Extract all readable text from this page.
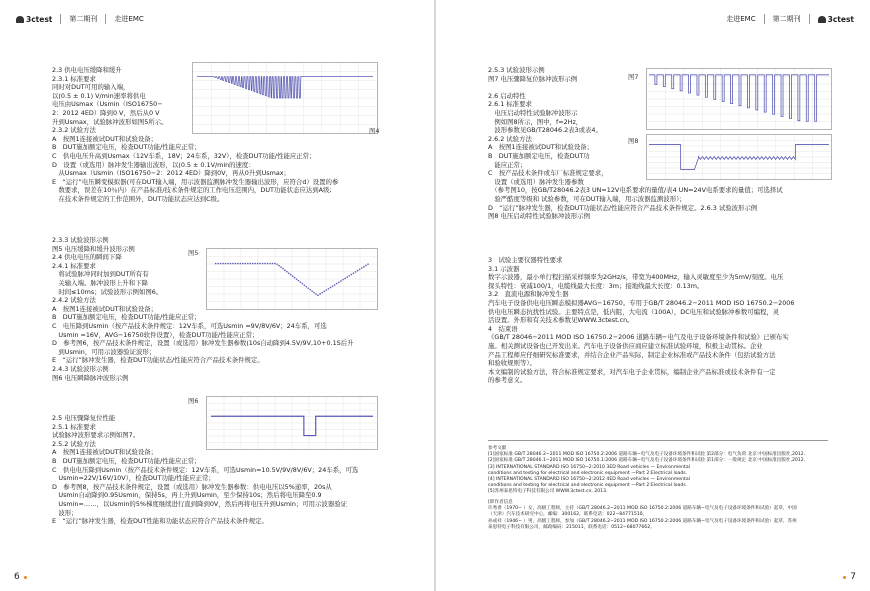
3ctest 第二期刊 走进EMC
2.3 供电电压缓降和缓升
2.3.1 标准要求
同时对DUT可用的输入端，
以(0.5 ± 0.1) V/min速率将供电
电压由Usmax（Usmin（ISO16750−
2：2012 4ED）降到0 V，然后从0 V
升到Usmax，试验脉冲波形如图5所示。
2.3.2 试验方法
A　按图1连接被试DUT和试验设备；
B　DUT施加额定电压，检查DUT功能/性能应正常；
C　供电电压升高到Usmax（12V车系，18V；24车系，32V），检查DUT功能/性能应正常；
D　设置（或选用）脉冲发生器输出波形，以(0.5 ± 0.1V/min的速度：
　从Usmax（Usmin（ISO16750−2：2012 4ED）降到0V，再从0升到Usmax；
E　“运行”电压瞬变模拟器(可在DUT输入端，用示波器监测脉冲发生器输出波形，应符合d）设置的参
　数要求，误差在10％内）在产品标准/技术条件规定的工作电压范围内，DUT功能状态应达到A级;
　在技术条件规定的工作范围外，DUT功能状态应达到C级。
图4
2.3.3 试验波形示例
图5 电压缓降和缓升波形示例
2.4 供电电压的瞬间下降
2.4.1 标准要求
　将试验脉冲同时加到DUT所有有
　关输入端。脉冲波形上升和下降
　时间≤10ms；试验波形示例如图6。
2.4.2 试验方法
A　按图1连接被试DUT和试验设备；
B　DUT施加额定电压，检查DUT功能/性能应正常；
C　电压降到Usmin（按产品技术条件规定：12V车系，可选Usmin =9V/8V/6V；24车系，可选
　Usmin =16V，AVG−16750软件设置），检查DUT功能/性能应正常；
D　参考图6，按产品技术条件规定，设置（或选用）脉冲发生器参数(10s自动降到4.5V/9V,10+0.1S后升
　到Usmin，可用示波器验证波形；
E　“运行”脉冲发生器，检查DUT功能状态/性能应符合产品技术条件规定。
2.4.3 试验波形示例
图6 电压瞬降脉冲波形示例
图5
图6
2.5 电压骤降复位性能
2.5.1 标准要求
试验脉冲波形要求示例如图7。
2.5.2 试验方法
A　按图1连接被试DUT和试验设备；
B　DUT施加额定电压，检查DUT功能/性能应正常；
C　供电电压降到Usmin（按产品技术条件规定：12V车系，可选Usmin=10.5V/9V/8V/6V；24车系，可选
　Usmin=22V/16V/10V），检查DUT功能/性能应正常；
D　参考图8，按产品技术条件规定，设置（或选用）脉冲发生器参数：供电电压以5%递率，20s从
　Usmin自动降到0.95Usmin，保持5s，再上升到Usmin，至少保持10s；然后将电压降至0.9
　Usmin=……，以Usmin的5%梯度继续进行直到降到0V，然后再将电压升到Usmin；可用示波器验证
　波形；
E　“运行”脉冲发生器，检查DUT性能和功能状态应符合产品技术条件规定。
6
走进EMC 第二期刊	3ctest
2.5.3 试验波形示例
图7 电压骤降复位脉冲波形示例

2.6 启动特性
2.6.1 标准要求
　电压启动特性试验脉冲波形示
　例如图8所示，图中，f=2Hz，
　波形参数见GB/T28046.2表3或表4。
2.6.2 试验方法
A　按图1连接被试DUT和试验设备；
B　DUT施加额定电压，检查DUT功
　能应正常；
C　按产品技术条件或车厂标准规定要求，
　设置（或选用）脉冲发生器参数
　（参考图10，按GB/T28046.2表3 UN=12V电系要求的量值/表4 UN=24V电系要求的量值；可选择试
　验严酷度等级和 试验参数，可在DUT输入端，用示波器监测波形）；
D　“运行”脉冲发生器，检查DUT功能状态/性能应符合产品技术条件规定。2.6.3 试验波形示例
图8 电压启动特性试验脉冲波形示例
图7
图8
3　试验主要仪器特性要求
3.1 示波器
数字示波器，最小单行程扫描采样频率为2GHz/s，带宽为400MHz，输入灵敏度至少为5mV/刻度。电压
探头特性：衰减100/1，电缆线最大长度：3m；接地线最大长度：0.13m。
3.2　直流电源和脉冲发生器
汽车电子设备供电电压瞬态模拟器AVG−16750。专用于GB/T 28046.2−2011 MOD ISO 16750.2−2006
供电电压瞬态抗扰性试验。主要特点是，低内阻，大电流（100A），DC电压和试验脉冲参数可编程，灵
活设置。外形和有关技术参数见WWW.3ctest.cn。
4　结束语
《GB/T 28046−2011 MOD ISO 16750.2−2006 道路车辆−电气及电子设备环境条件和试验》已颁布实
施。相关测试设备也已开发出来。汽车电子设备供应商应建立标准试验环境，积极主动贯标。企业
产品工程师应仔细研究标准要求，并结合企业产品实际，制定企业标准或产品技术条件（包括试验方法
和验收规则等）。
本文编制的试验方法，符合标准规定要求，对汽车电子企业贯标，编制企业产品标准或技术条件有一定
的参考意义。
参考文献
[1]国家标准 GB/T 28046.2−2011 MOD ISO 16750.2:2006 道路车辆−电气及电子设备环境条件和试验 第2部分：电气负荷 北京:中国标准出版社,2012.
[2]国家标准 GB/T 28046.1−2011 MOD ISO 16750.1:2006 道路车辆−电气及电子设备环境条件和试验 第1部分：一般规定 北京:中国标准出版社,2012.
[3] INTERNATIONAL STANDARD ISO 16750−2:2010 3ED Road vehicles — Environmental
conditions and testing for electrical and electronic equipment —Part 2:Electrical loads.
[4] INTERNATIONAL STANDARD ISO 16750−2:2012 4ED Road vehicles — Environmental
conditions and testing for electrical and electronic equipment —Part 2:Electrical loads.
[5]苏州泰思特电子科技有限公司 WWW.3ctest.cn, 2013.
[即作者信息
许秀香（1970− ）女，高级工程师，主持（GB/T 28046.2−2011 MOD ISO 16750.2:2006 道路车辆−电气及电子设备环境条件和试验）起草，中国
（天津）汽车技术研究中心，邮编：300162，联系电话：022−84771510。
孙成祥（1946− ）男，高级工程师，参加（GB/T 28046.2−2011 MOD ISO 16750.2:2006 道路车辆−电气及电子设备环境条件和试验）起草，苏州
泰思特电子科技有限公司，邮政编码：215011，联系电话：0512−68077662。
7
